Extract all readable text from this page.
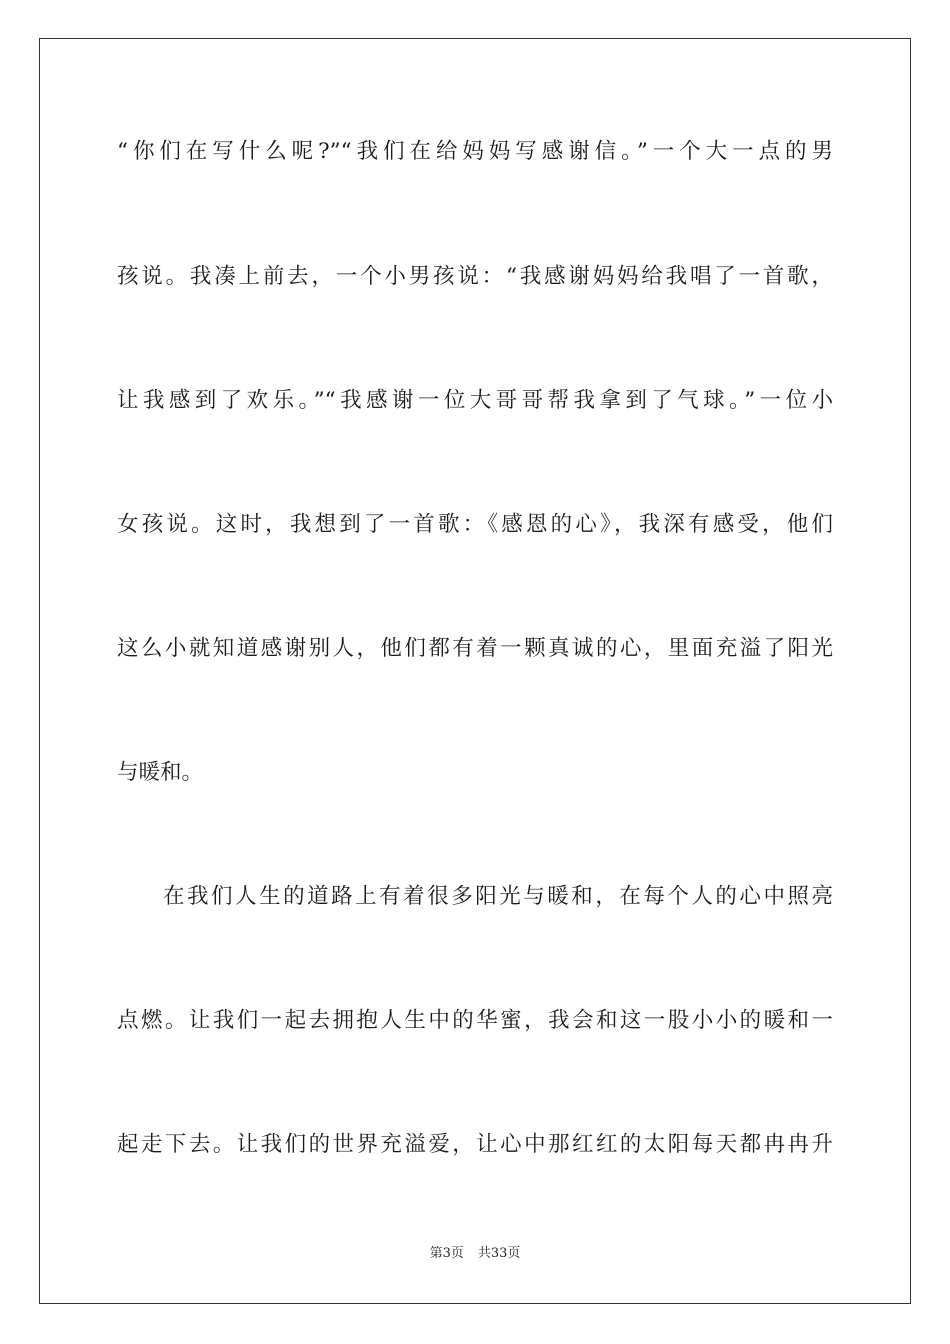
“你们在写什么呢?”“我们在给妈妈写感谢信。”一个大一点的男
孩说。我凑上前去，一个小男孩说：“我感谢妈妈给我唱了一首歌，
让我感到了欢乐。”“我感谢一位大哥哥帮我拿到了气球。”一位小
女孩说。这时，我想到了一首歌：《感恩的心》，我深有感受，他们
这么小就知道感谢别人，他们都有着一颗真诚的心，里面充溢了阳光
与暖和。
在我们人生的道路上有着很多阳光与暖和，在每个人的心中照亮
点燃。让我们一起去拥抱人生中的华蜜，我会和这一股小小的暖和一
起走下去。让我们的世界充溢爱，让心中那红红的太阳每天都冉冉升
第3页 共33页
